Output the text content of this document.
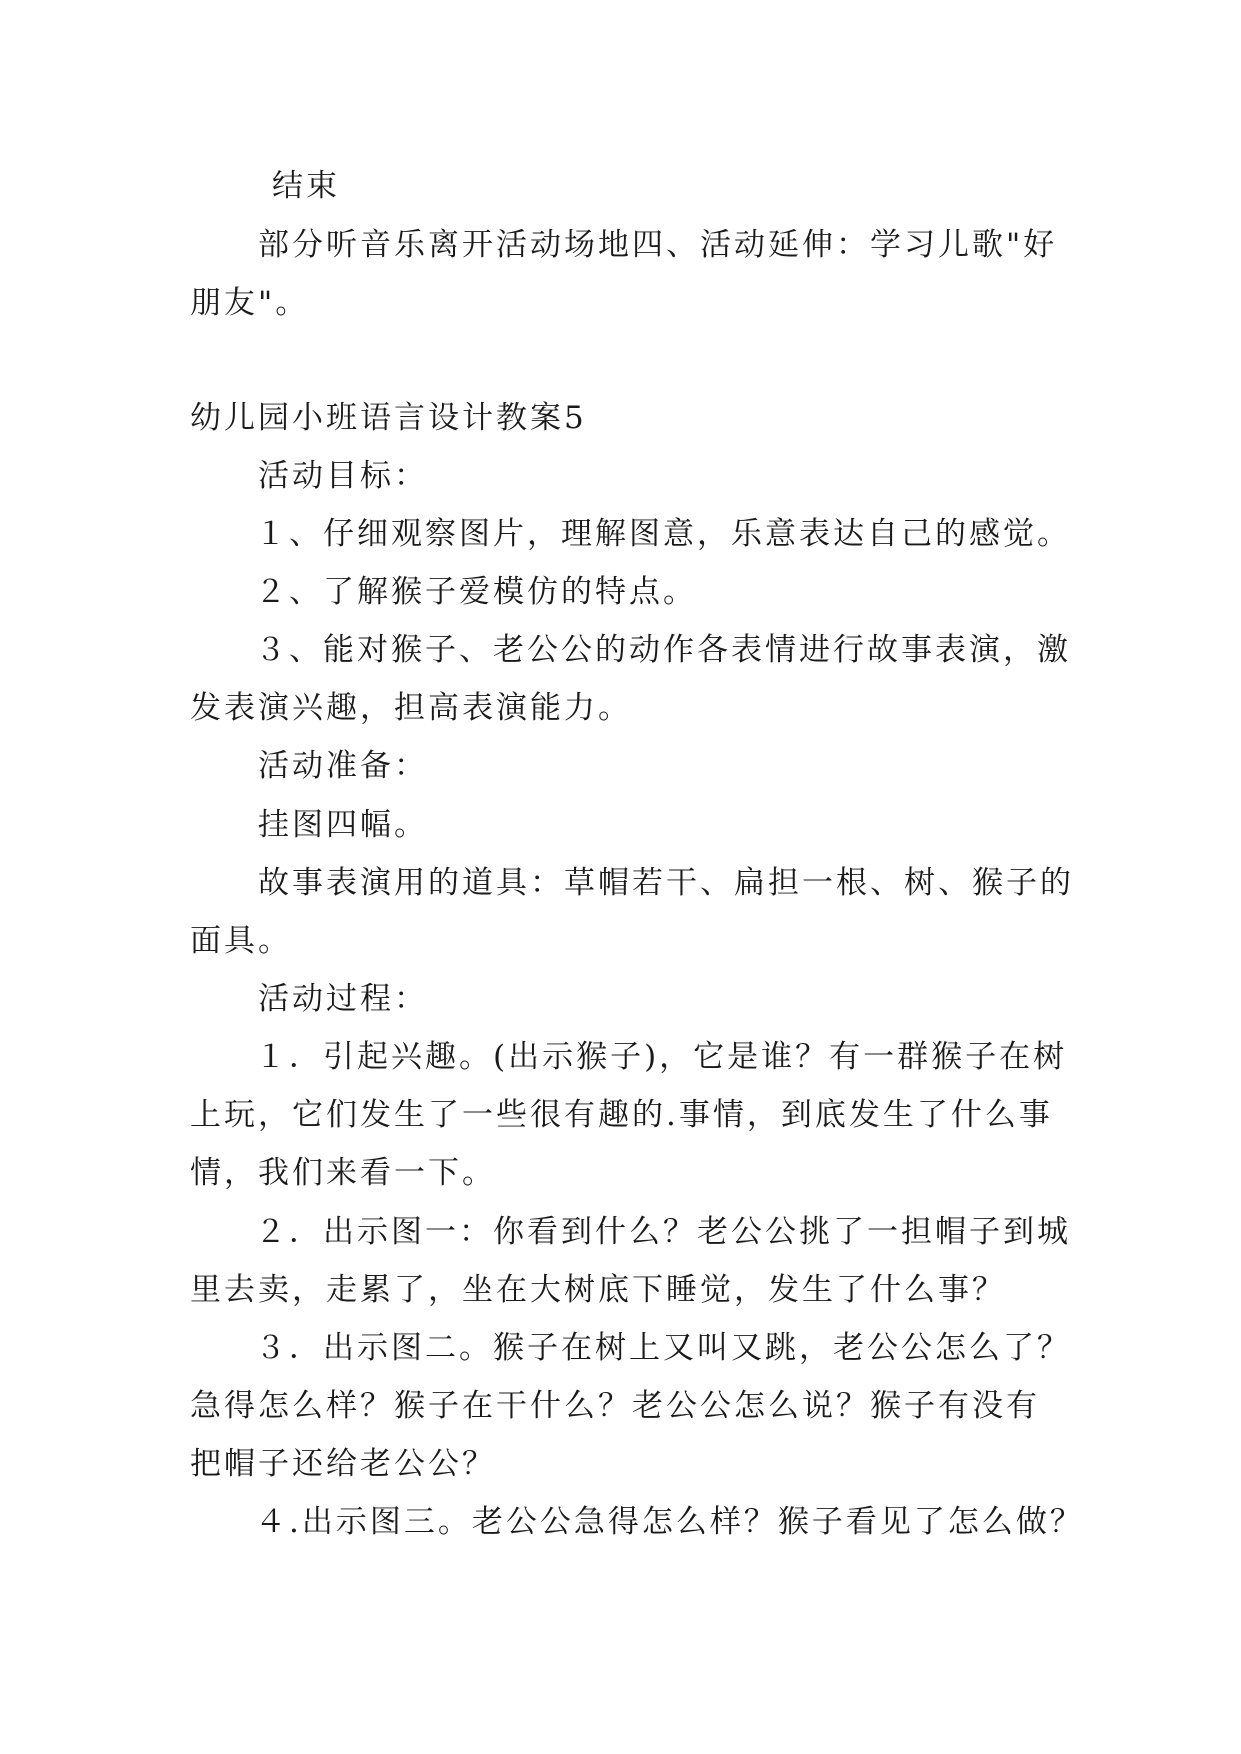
结束
部分听音乐离开活动场地四、活动延伸：学习儿歌"好
朋友"。
幼儿园小班语言设计教案5
活动目标：
１、仔细观察图片，理解图意，乐意表达自己的感觉。
２、了解猴子爱模仿的特点。
３、能对猴子、老公公的动作各表情进行故事表演，激
发表演兴趣，担高表演能力。
活动准备：
挂图四幅。
故事表演用的道具：草帽若干、扁担一根、树、猴子的
面具。
活动过程：
１．引起兴趣。(出示猴子)，它是谁？有一群猴子在树
上玩，它们发生了一些很有趣的.事情，到底发生了什么事
情，我们来看一下。
２．出示图一：你看到什么？老公公挑了一担帽子到城
里去卖，走累了，坐在大树底下睡觉，发生了什么事？
３．出示图二。猴子在树上又叫又跳，老公公怎么了？
急得怎么样？猴子在干什么？老公公怎么说？猴子有没有
把帽子还给老公公？
４.出示图三。老公公急得怎么样？猴子看见了怎么做？
